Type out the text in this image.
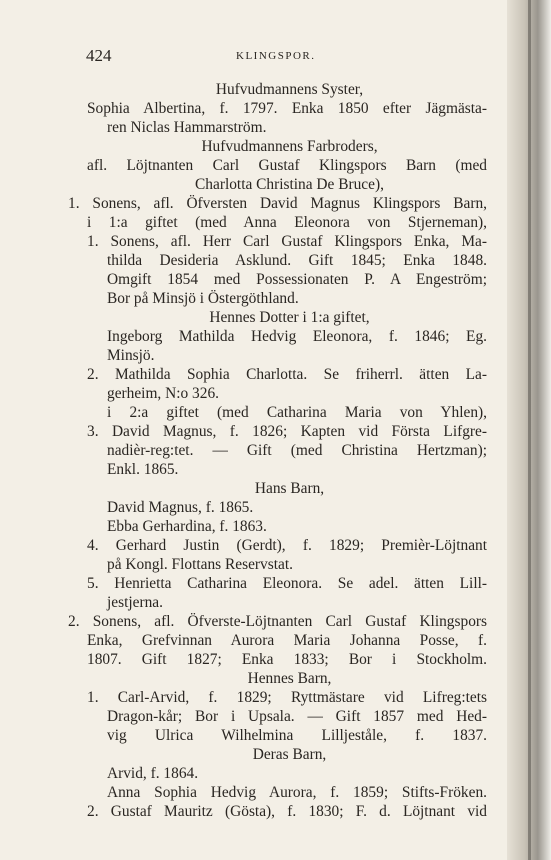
424	KLINGSPOR.
Hufvudmannens Syster,
Sophia Albertina, f. 1797. Enka 1850 efter Jägmästa-
ren Niclas Hammarström.
Hufvudmannens Farbroders,
afl. Löjtnanten Carl Gustaf Klingspors Barn (med
Charlotta Christina De Bruce),
1. Sonens, afl. Öfversten David Magnus Klingspors Barn,
i 1:a giftet (med Anna Eleonora von Stjerneman),
1. Sonens, afl. Herr Carl Gustaf Klingspors Enka, Ma-
thilda Desideria Asklund. Gift 1845; Enka 1848.
Omgift 1854 med Possessionaten P. A Engeström;
Bor på Minsjö i Östergöthland.
Hennes Dotter i 1:a giftet,
Ingeborg Mathilda Hedvig Eleonora, f. 1846; Eg.
Minsjö.
2. Mathilda Sophia Charlotta. Se friherrl. ätten La-
gerheim, N:o 326.
i 2:a giftet (med Catharina Maria von Yhlen),
3. David Magnus, f. 1826; Kapten vid Första Lifgre-
nadièr-reg:tet. — Gift (med Christina Hertzman);
Enkl. 1865.
Hans Barn,
David Magnus, f. 1865.
Ebba Gerhardina, f. 1863.
4. Gerhard Justin (Gerdt), f. 1829; Premièr-Löjtnant
på Kongl. Flottans Reservstat.
5. Henrietta Catharina Eleonora. Se adel. ätten Lill-
jestjerna.
2. Sonens, afl. Öfverste-Löjtnanten Carl Gustaf Klingspors
Enka, Grefvinnan Aurora Maria Johanna Posse, f.
1807. Gift 1827; Enka 1833; Bor i Stockholm.
Hennes Barn,
1. Carl-Arvid, f. 1829; Ryttmästare vid Lifreg:tets
Dragon-kår; Bor i Upsala. — Gift 1857 med Hed-
vig Ulrica Wilhelmina Lilljeståle, f. 1837.
Deras Barn,
Arvid, f. 1864.
Anna Sophia Hedvig Aurora, f. 1859; Stifts-Fröken.
2. Gustaf Mauritz (Gösta), f. 1830; F. d. Löjtnant vid
